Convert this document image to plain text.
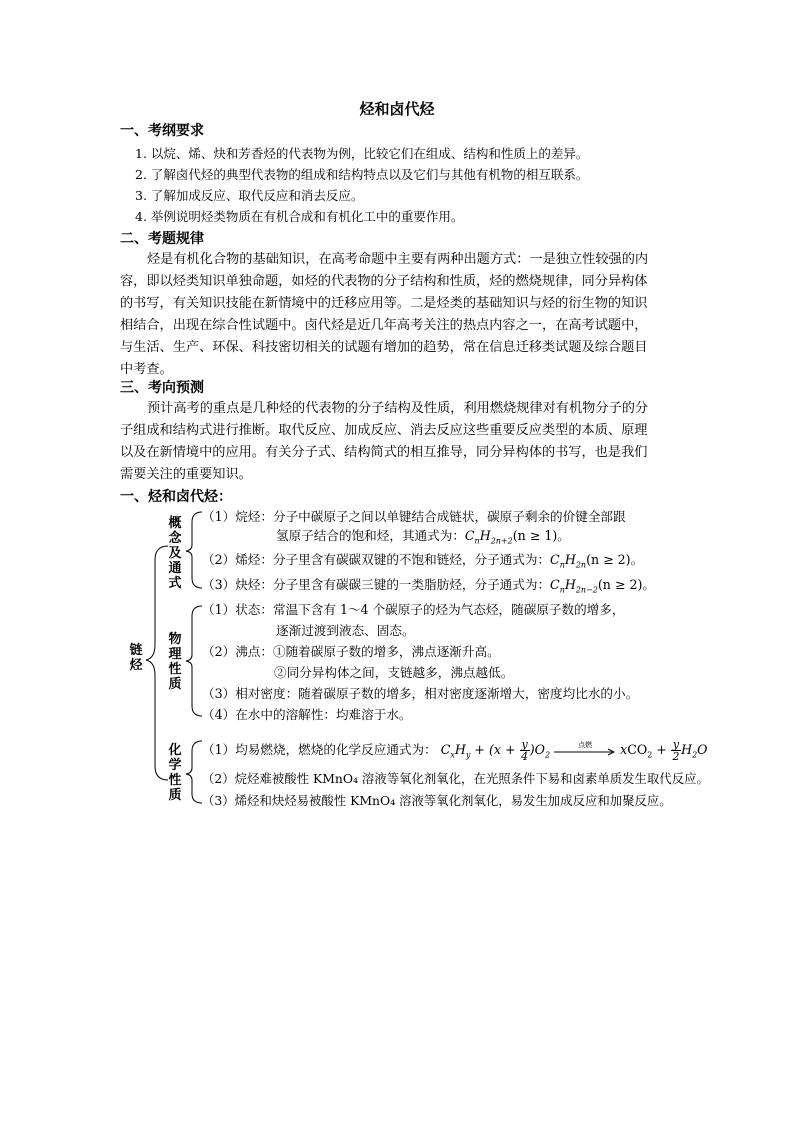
烃和卤代烃
一、考纲要求
1. 以烷、烯、炔和芳香烃的代表物为例，比较它们在组成、结构和性质上的差异。
2. 了解卤代烃的典型代表物的组成和结构特点以及它们与其他有机物的相互联系。
3. 了解加成反应、取代反应和消去反应。
4. 举例说明烃类物质在有机合成和有机化工中的重要作用。
二、考题规律
烃是有机化合物的基础知识，在高考命题中主要有两种出题方式：一是独立性较强的内
容，即以烃类知识单独命题，如烃的代表物的分子结构和性质，烃的燃烧规律，同分异构体
的书写，有关知识技能在新情境中的迁移应用等。二是烃类的基础知识与烃的衍生物的知识
相结合，出现在综合性试题中。卤代烃是近几年高考关注的热点内容之一，在高考试题中，
与生活、生产、环保、科技密切相关的试题有增加的趋势，常在信息迁移类试题及综合题目
中考查。
三、考向预测
预计高考的重点是几种烃的代表物的分子结构及性质，利用燃烧规律对有机物分子的分
子组成和结构式进行推断。取代反应、加成反应、消去反应这些重要反应类型的本质、原理
以及在新情境中的应用。有关分子式、结构简式的相互推导，同分异构体的书写，也是我们
需要关注的重要知识。
一、烃和卤代烃：
链烃
概念及通式
物理性质
化学性质
（1）烷烃：分子中碳原子之间以单键结合成链状，碳原子剩余的价键全部跟
氢原子结合的饱和烃，其通式为：$C_nH_{2n+2}(n \ge 1)$。
（2）烯烃：分子里含有碳碳双键的不饱和链烃，分子通式为：$C_nH_{2n}(n \ge 2)$。
（3）炔烃：分子里含有碳碳三键的一类脂肪烃，分子通式为：$C_nH_{2n-2}(n \ge 2)$。
（1）状态：常温下含有 1～4 个碳原子的烃为气态烃，随碳原子数的增多，
逐渐过渡到液态、固态。
（2）沸点：①随着碳原子数的增多，沸点逐渐升高。
②同分异构体之间，支链越多，沸点越低。
（3）相对密度：随着碳原子数的增多，相对密度逐渐增大，密度均比水的小。
（4）在水中的溶解性：均难溶于水。
（1）均易燃烧，燃烧的化学反应通式为： $C_xH_y + (x + \frac{y}{4} )O_2$
点燃	$xCO_2 + \frac{y}{2} H_2O$
（2）烷烃难被酸性 KMnO₄ 溶液等氧化剂氧化，在光照条件下易和卤素单质发生取代反应。
（3）烯烃和炔烃易被酸性 KMnO₄ 溶液等氧化剂氧化，易发生加成反应和加聚反应。
